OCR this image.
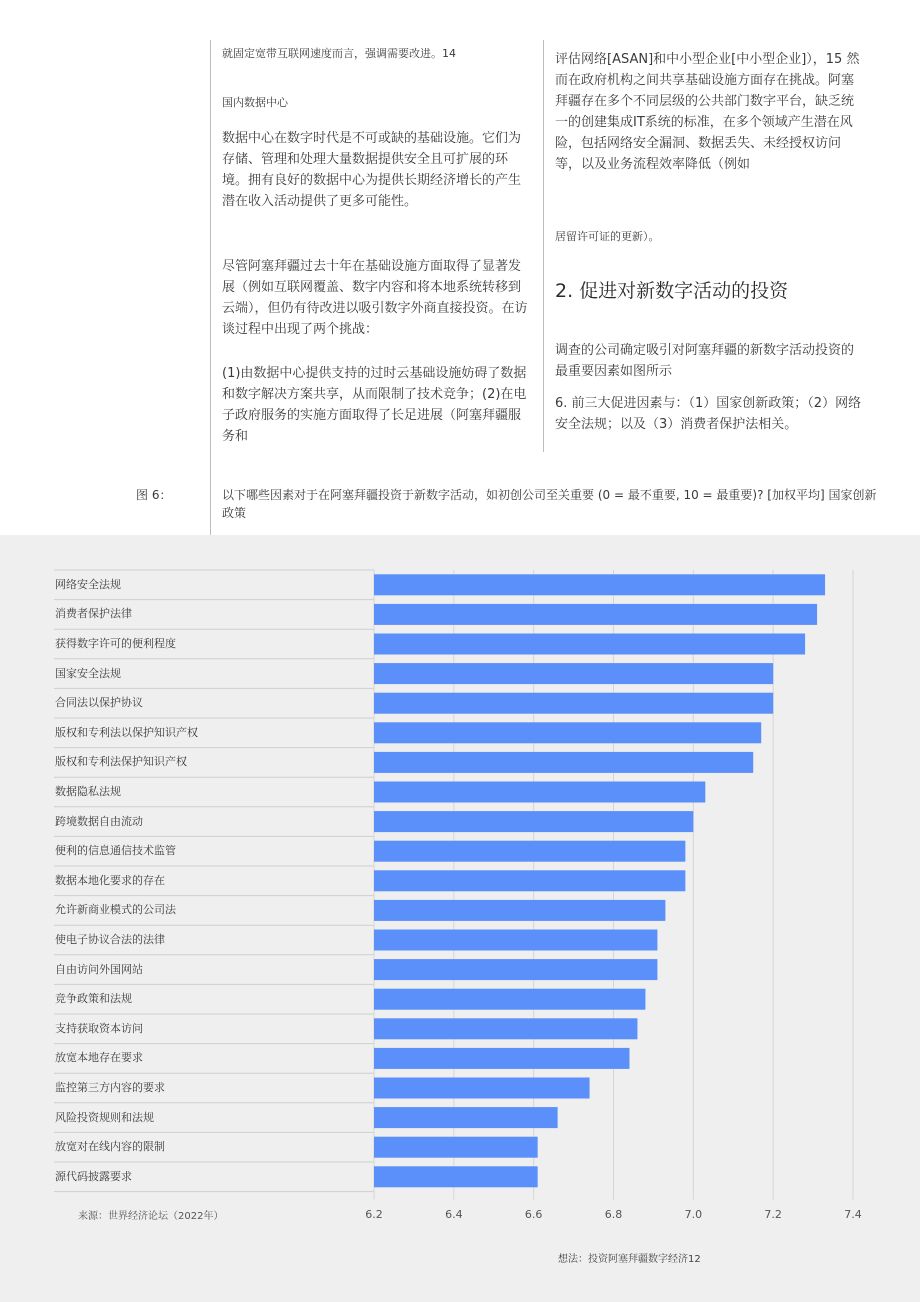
就固定宽带互联网速度而言，强调需要改进。14

国内数据中心

数据中心在数字时代是不可或缺的基础设施。它们为存储、管理和处理大量数据提供安全且可扩展的环境。拥有良好的数据中心为提供长期经济增长的产生潜在收入活动提供了更多可能性。

尽管阿塞拜疆过去十年在基础设施方面取得了显著发展（例如互联网覆盖、数字内容和将本地系统转移到云端），但仍有待改进以吸引数字外商直接投资。在访谈过程中出现了两个挑战：

(1)由数据中心提供支持的过时云基础设施妨碍了数据和数字解决方案共享，从而限制了技术竞争；(2)在电子政府服务的实施方面取得了长足进展（阿塞拜疆服务和

评估网络[ASAN]和中小型企业[中小型企业]），15 然而在政府机构之间共享基础设施方面存在挑战。阿塞拜疆存在多个不同层级的公共部门数字平台，缺乏统一的创建集成IT系统的标准，在多个领域产生潜在风险，包括网络安全漏洞、数据丢失、未经授权访问等，以及业务流程效率降低（例如

居留许可证的更新）。

2. 促进对新数字活动的投资

调查的公司确定吸引对阿塞拜疆的新数字活动投资的最重要因素如图所示

6. 前三大促进因素与：（1）国家创新政策；（2）网络安全法规；以及（3）消费者保护法相关。

图 6：	以下哪些因素对于在阿塞拜疆投资于新数字活动，如初创公司至关重要 (0 = 最不重要, 10 = 最重要)? [加权平均] 国家创新政策
网络安全法规
消费者保护法律
获得数字许可的便利程度
国家安全法规
合同法以保护协议
版权和专利法以保护知识产权
版权和专利法保护知识产权
数据隐私法规
跨境数据自由流动
便利的信息通信技术监管
数据本地化要求的存在
允许新商业模式的公司法
使电子协议合法的法律
自由访问外国网站
竞争政策和法规
支持获取资本访问
放宽本地存在要求
监控第三方内容的要求
风险投资规则和法规
放宽对在线内容的限制
源代码披露要求
6.2	6.4	6.6	6.8	7.0	7.2	7.4
来源：世界经济论坛（2022年）
想法：投资阿塞拜疆数字经济12
